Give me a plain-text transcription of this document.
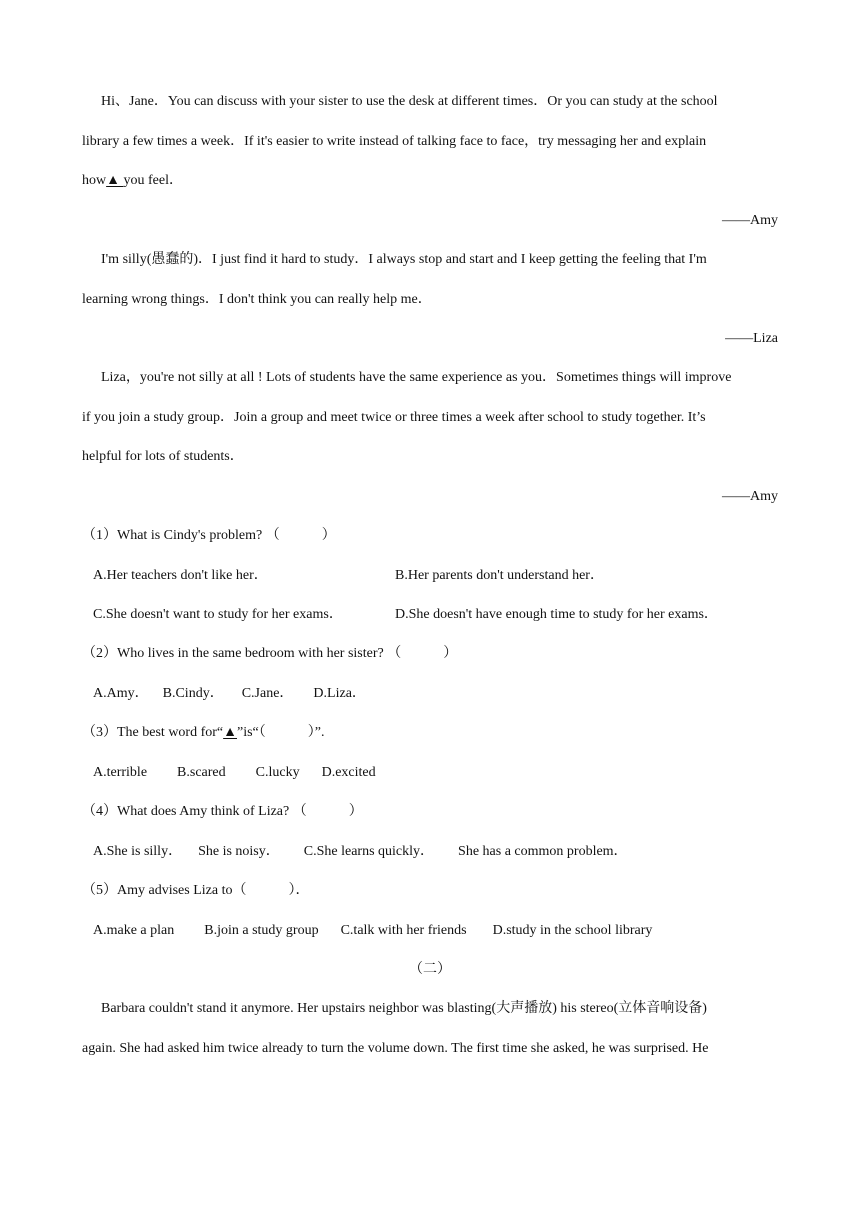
Hi、Jane．You can discuss with your sister to use the desk at different times．Or you can study at the school
library a few times a week．If it's easier to write instead of talking face to face，try messaging her and explain
how▲ you feel．
——Amy
I'm silly(愚蠢的)．I just find it hard to study．I always stop and start and I keep getting the feeling that I'm
learning wrong things．I don't think you can really help me．
——Liza
Liza，you're not silly at all ! Lots of students have the same experience as you．Sometimes things will improve
if you join a study group．Join a group and meet twice or three times a week after school to study together. It’s
helpful for lots of students．
——Amy
（1）What is Cindy's problem? （　　　）
A.Her teachers don't like her．	B.Her parents don't understand her．
C.She doesn't want to study for her exams．	D.She doesn't have enough time to study for her exams．
（2）Who lives in the same bedroom with her sister? （　　　）
A.Amy． B.Cindy． C.Jane． D.Liza．
（3）The best word for“▲”is“（　　　）”.
A.terrible B.scared C.lucky D.excited
（4）What does Amy think of Liza? （　　　）
A.She is silly． She is noisy． C.She learns quickly． She has a common problem．
（5）Amy advises Liza to（　　　）．
A.make a plan B.join a study group C.talk with her friends D.study in the school library
（二）
Barbara couldn't stand it anymore. Her upstairs neighbor was blasting(大声播放) his stereo(立体音响设备)
again. She had asked him twice already to turn the volume down. The first time she asked, he was surprised. He
